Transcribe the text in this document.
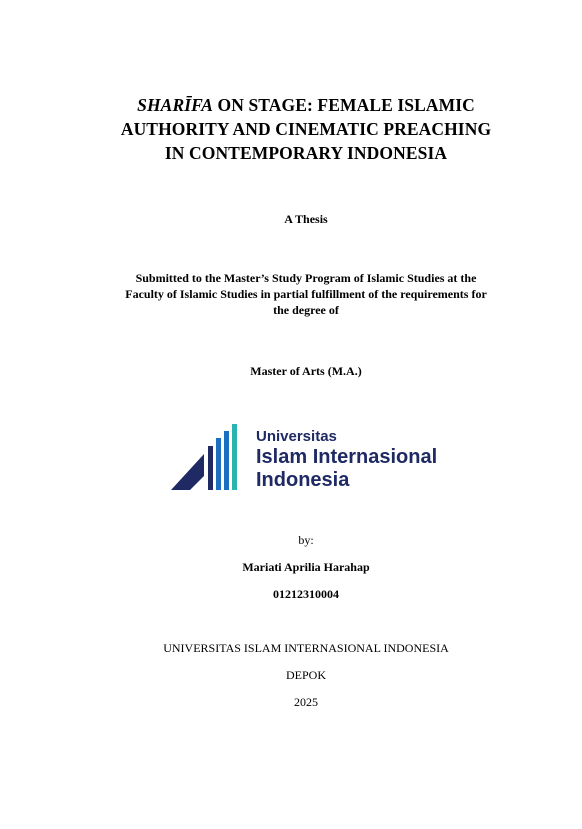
SHARĪFA ON STAGE: FEMALE ISLAMIC
AUTHORITY AND CINEMATIC PREACHING
IN CONTEMPORARY INDONESIA
A Thesis
Submitted to the Master’s Study Program of Islamic Studies at the
Faculty of Islamic Studies in partial fulfillment of the requirements for
the degree of
Master of Arts (M.A.)
Universitas
Islam Internasional
Indonesia
by:
Mariati Aprilia Harahap
01212310004
UNIVERSITAS ISLAM INTERNASIONAL INDONESIA
DEPOK
2025
